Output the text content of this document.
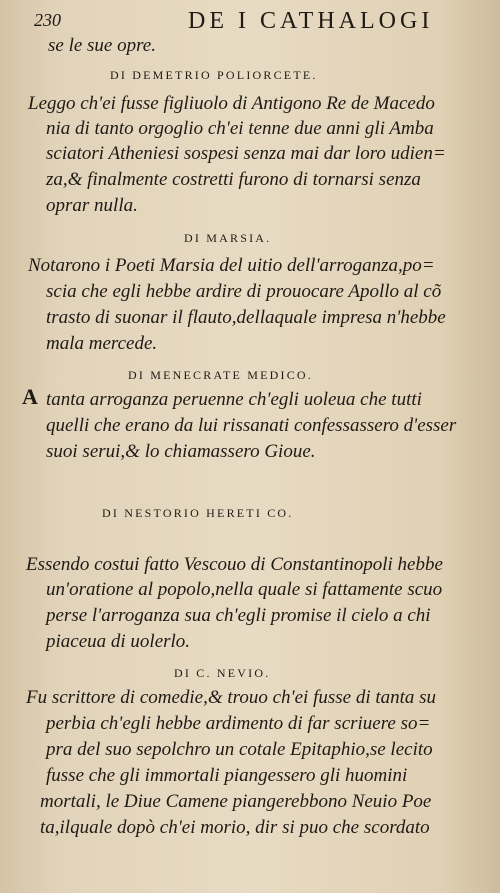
230	DE I CATHALOGI
se le sue opre.
DI DEMETRIO POLIORCETE.
Leggo ch'ei fusse figliuolo di Antigono Re de Macedo
nia di tanto orgoglio ch'ei tenne due anni gli Amba
sciatori Atheniesi sospesi senza mai dar loro udien=
za,& finalmente costretti furono di tornarsi senza
oprar nulla.
DI MARSIA.
Notarono i Poeti Marsia del uitio dell'arroganza,po=
scia che egli hebbe ardire di prouocare Apollo al cõ
trasto di suonar il flauto,dellaquale impresa n'hebbe
mala mercede.
DI MENECRATE MEDICO.
A tanta arroganza peruenne ch'egli uoleua che tutti
quelli che erano da lui rissanati confessassero d'esser
suoi serui,& lo chiamassero Gioue.
DI NESTORIO HERETI CO.
Essendo costui fatto Vescouo di Constantinopoli hebbe
un'oratione al popolo,nella quale si fattamente scuo
perse l'arroganza sua ch'egli promise il cielo a chi
piaceua di uolerlo.
DI C. NEVIO.
Fu scrittore di comedie,& trouo ch'ei fusse di tanta su
perbia ch'egli hebbe ardimento di far scriuere so=
pra del suo sepolchro un cotale Epitaphio,se lecito
fusse che gli immortali piangessero gli huomini
mortali, le Diue Camene piangerebbono Neuio Poe
ta,ilquale dopò ch'ei morio, dir si puo che scordato
